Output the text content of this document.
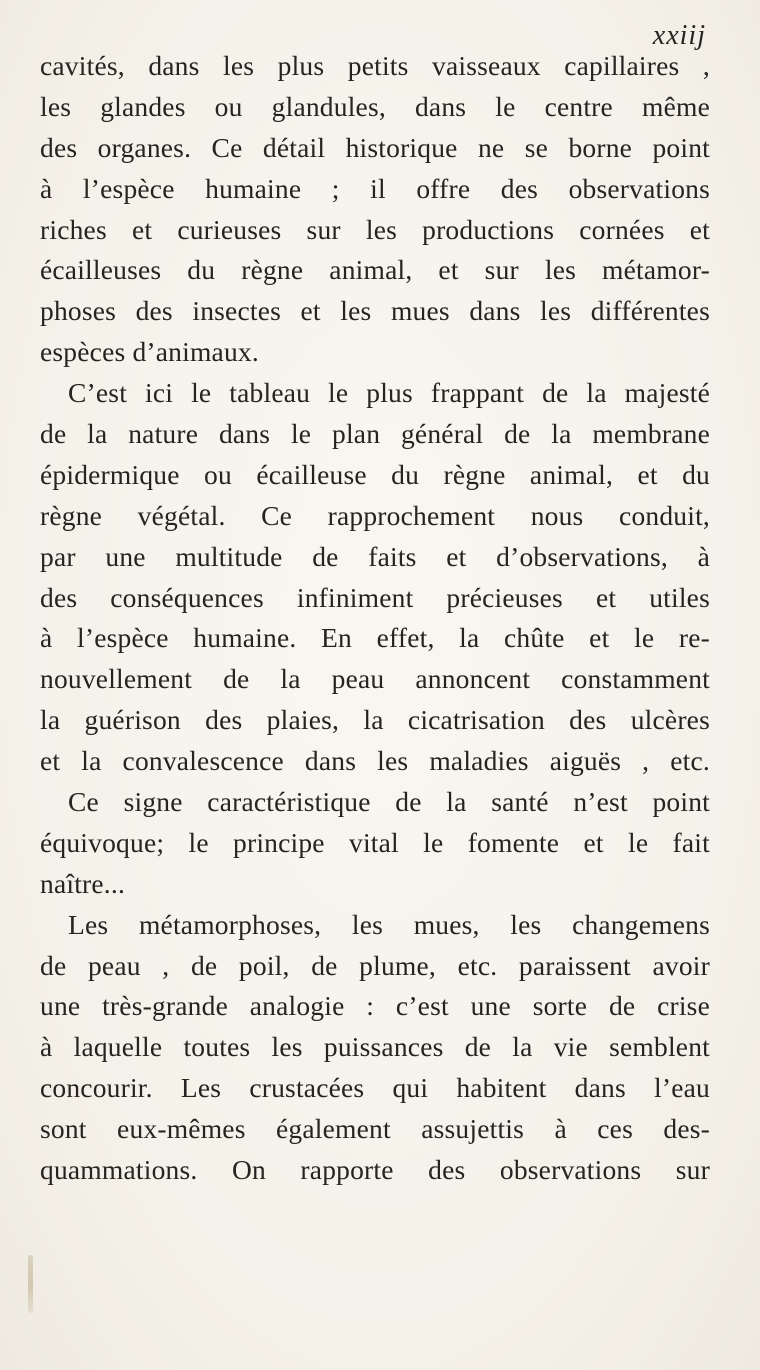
xxiij
cavités, dans les plus petits vaisseaux capillaires ,
les glandes ou glandules, dans le centre même
des organes. Ce détail historique ne se borne point
à l’espèce humaine ; il offre des observations
riches et curieuses sur les productions cornées et
écailleuses du règne animal, et sur les métamor-
phoses des insectes et les mues dans les différentes
espèces d’animaux.
C’est ici le tableau le plus frappant de la majesté
de la nature dans le plan général de la membrane
épidermique ou écailleuse du règne animal, et du
règne végétal. Ce rapprochement nous conduit,
par une multitude de faits et d’observations, à
des conséquences infiniment précieuses et utiles
à l’espèce humaine. En effet, la chûte et le re-
nouvellement de la peau annoncent constamment
la guérison des plaies, la cicatrisation des ulcères
et la convalescence dans les maladies aiguës , etc.
Ce signe caractéristique de la santé n’est point
équivoque; le principe vital le fomente et le fait
naître...
Les métamorphoses, les mues, les changemens
de peau , de poil, de plume, etc. paraissent avoir
une très-grande analogie : c’est une sorte de crise
à laquelle toutes les puissances de la vie semblent
concourir. Les crustacées qui habitent dans l’eau
sont eux-mêmes également assujettis à ces des-
quammations. On rapporte des observations sur
